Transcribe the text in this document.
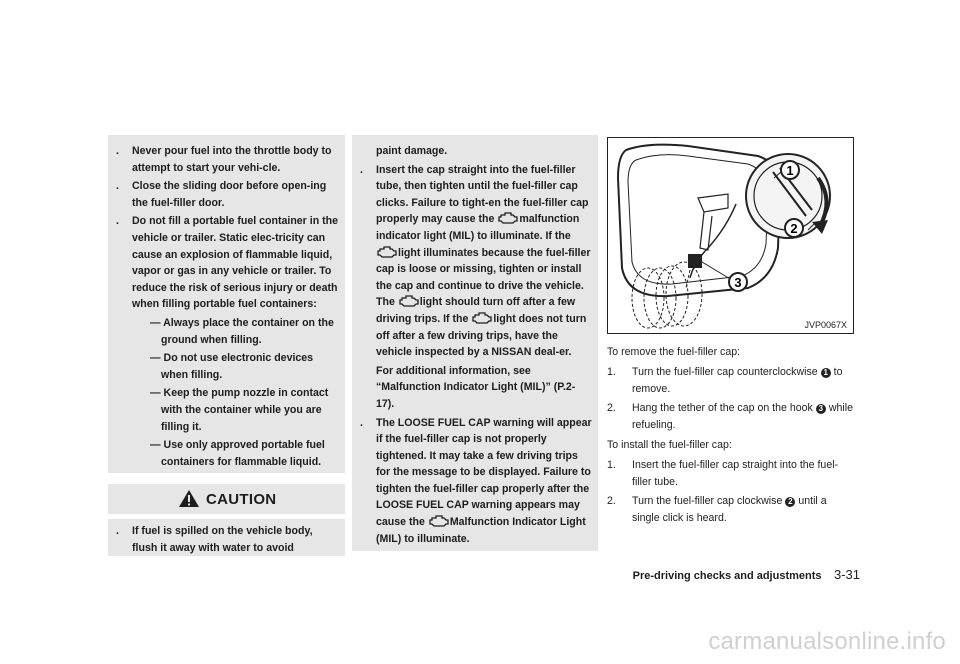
. Never pour fuel into the throttle body to attempt to start your vehi-cle.

. Close the sliding door before open-ing the fuel-filler door.

. Do not fill a portable fuel container in the vehicle or trailer. Static elec-tricity can cause an explosion of flammable liquid, vapor or gas in any vehicle or trailer. To reduce the risk of serious injury or death when filling portable fuel containers:

— Always place the container on the ground when filling.

— Do not use electronic devices when filling.

— Keep the pump nozzle in contact with the container while you are filling it.

— Use only approved portable fuel containers for flammable liquid.

CAUTION

. If fuel is spilled on the vehicle body, flush it away with water to avoid

paint damage.

. Insert the cap straight into the fuel-filler tube, then tighten until the fuel-filler cap clicks. Failure to tight-en the fuel-filler cap properly may cause the malfunction indicator light (MIL) to illuminate. If the light illuminates because the fuel-filler cap is loose or missing, tighten or install the cap and continue to drive the vehicle. The light should turn off after a few driving trips. If the light does not turn off after a few driving trips, have the vehicle inspected by a NISSAN deal-er.

For additional information, see “Malfunction Indicator Light (MIL)” (P.2-17).

. The LOOSE FUEL CAP warning will appear if the fuel-filler cap is not properly tightened. It may take a few driving trips for the message to be displayed. Failure to tighten the fuel-filler cap properly after the LOOSE FUEL CAP warning appears may cause the Malfunction Indicator Light (MIL) to illuminate.

1
2
3
JVP0067X

To remove the fuel-filler cap:

1. Turn the fuel-filler cap counterclockwise 1 to remove.

2. Hang the tether of the cap on the hook 3 while refueling.

To install the fuel-filler cap:

1. Insert the fuel-filler cap straight into the fuel-filler tube.

2. Turn the fuel-filler cap clockwise 2 until a single click is heard.

Pre-driving checks and adjustments 3-31
carmanualsonline.info
